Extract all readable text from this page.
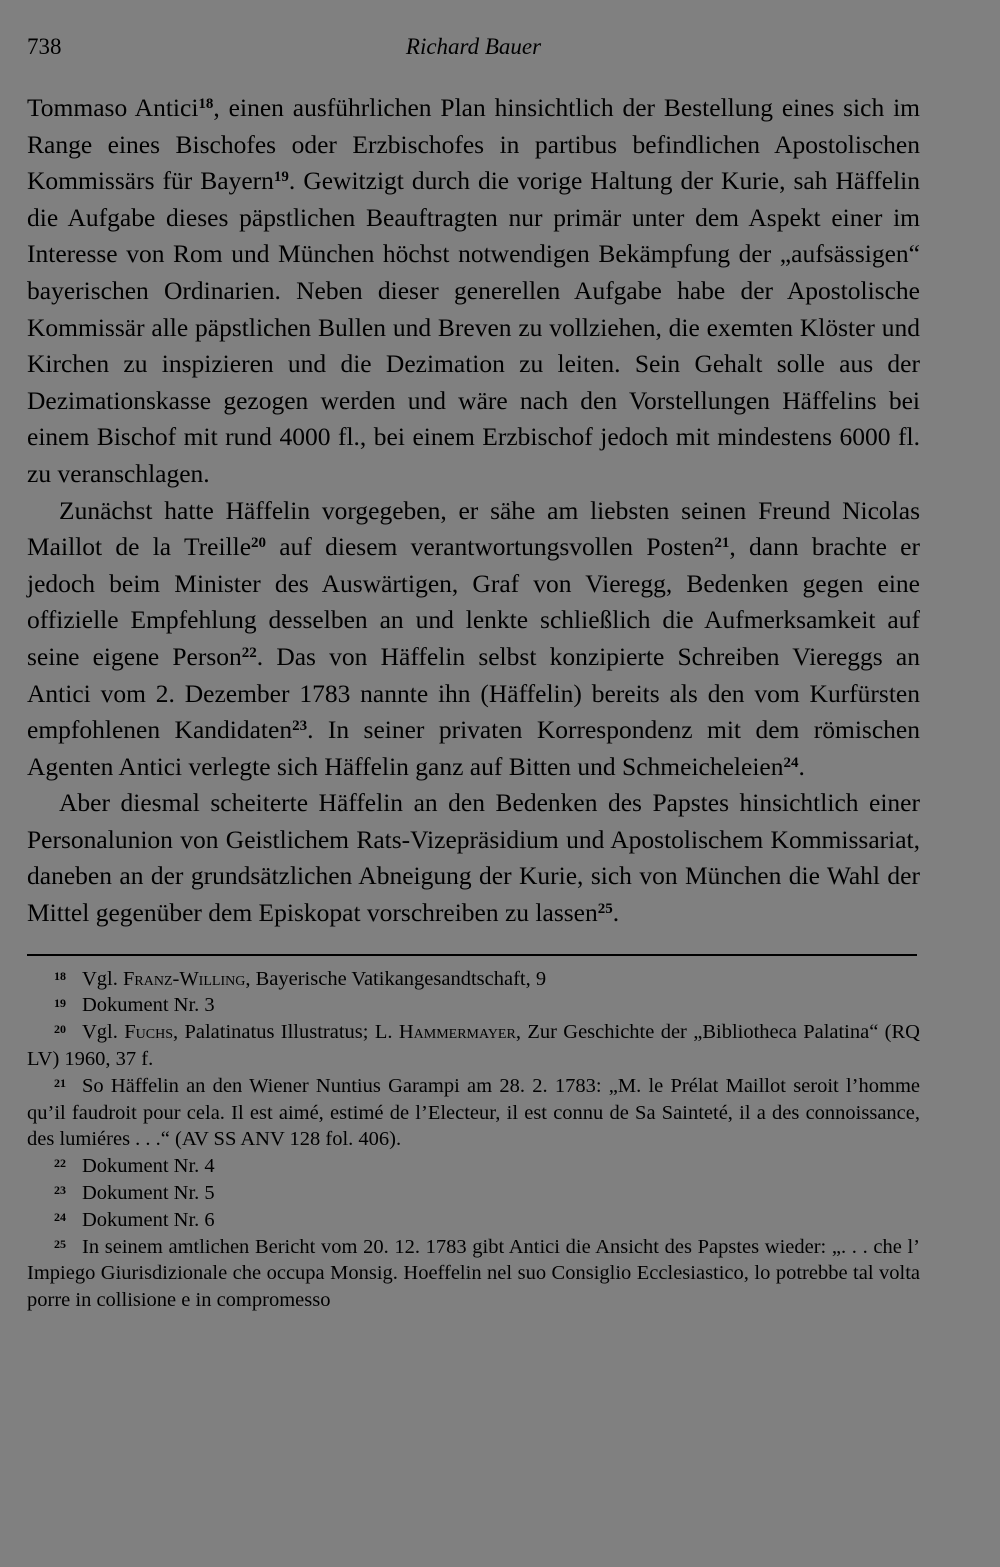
738	Richard Bauer

Tommaso Antici$^{18}$, einen ausführlichen Plan hinsichtlich der Bestellung eines sich im Range eines Bischofes oder Erzbischofes in partibus befindlichen Apostolischen Kommissärs für Bayern$^{19}$. Gewitzigt durch die vorige Haltung der Kurie, sah Häffelin die Aufgabe dieses päpstlichen Beauftragten nur primär unter dem Aspekt einer im Interesse von Rom und München höchst notwendigen Bekämpfung der „aufsässigen“ bayerischen Ordinarien. Neben dieser generellen Aufgabe habe der Apostolische Kommissär alle päpstlichen Bullen und Breven zu vollziehen, die exemten Klöster und Kirchen zu inspizieren und die Dezimation zu leiten. Sein Gehalt solle aus der Dezimationskasse gezogen werden und wäre nach den Vorstellungen Häffelins bei einem Bischof mit rund 4000 fl., bei einem Erzbischof jedoch mit mindestens 6000 fl. zu veranschlagen.

Zunächst hatte Häffelin vorgegeben, er sähe am liebsten seinen Freund Nicolas Maillot de la Treille$^{20}$ auf diesem verantwortungsvollen Posten$^{21}$, dann brachte er jedoch beim Minister des Auswärtigen, Graf von Vieregg, Bedenken gegen eine offizielle Empfehlung desselben an und lenkte schließlich die Aufmerksamkeit auf seine eigene Person$^{22}$. Das von Häffelin selbst konzipierte Schreiben Viereggs an Antici vom 2. Dezember 1783 nannte ihn (Häffelin) bereits als den vom Kurfürsten empfohlenen Kandidaten$^{23}$. In seiner privaten Korrespondenz mit dem römischen Agenten Antici verlegte sich Häffelin ganz auf Bitten und Schmeicheleien$^{24}$.

Aber diesmal scheiterte Häffelin an den Bedenken des Papstes hinsichtlich einer Personalunion von Geistlichem Rats-Vizepräsidium und Apostolischem Kommissariat, daneben an der grundsätzlichen Abneigung der Kurie, sich von München die Wahl der Mittel gegenüber dem Episkopat vorschreiben zu lassen$^{25}$.

18 Vgl. Franz-Willing, Bayerische Vatikangesandtschaft, 9
19 Dokument Nr. 3
20 Vgl. Fuchs, Palatinatus Illustratus; L. Hammermayer, Zur Geschichte der „Bibliotheca Palatina“ (RQ LV) 1960, 37 f.
21 So Häffelin an den Wiener Nuntius Garampi am 28. 2. 1783: „M. le Prélat Maillot seroit l’homme qu’il faudroit pour cela. Il est aimé, estimé de l’Electeur, il est connu de Sa Sainteté, il a des connoissance, des lumiéres . . .“ (AV SS ANV 128 fol. 406).
22 Dokument Nr. 4
23 Dokument Nr. 5
24 Dokument Nr. 6
25 In seinem amtlichen Bericht vom 20. 12. 1783 gibt Antici die Ansicht des Papstes wieder: „. . . che l’ Impiego Giurisdizionale che occupa Monsig. Hoeffelin nel suo Consiglio Ecclesiastico, lo potrebbe tal volta porre in collisione e in compromesso
